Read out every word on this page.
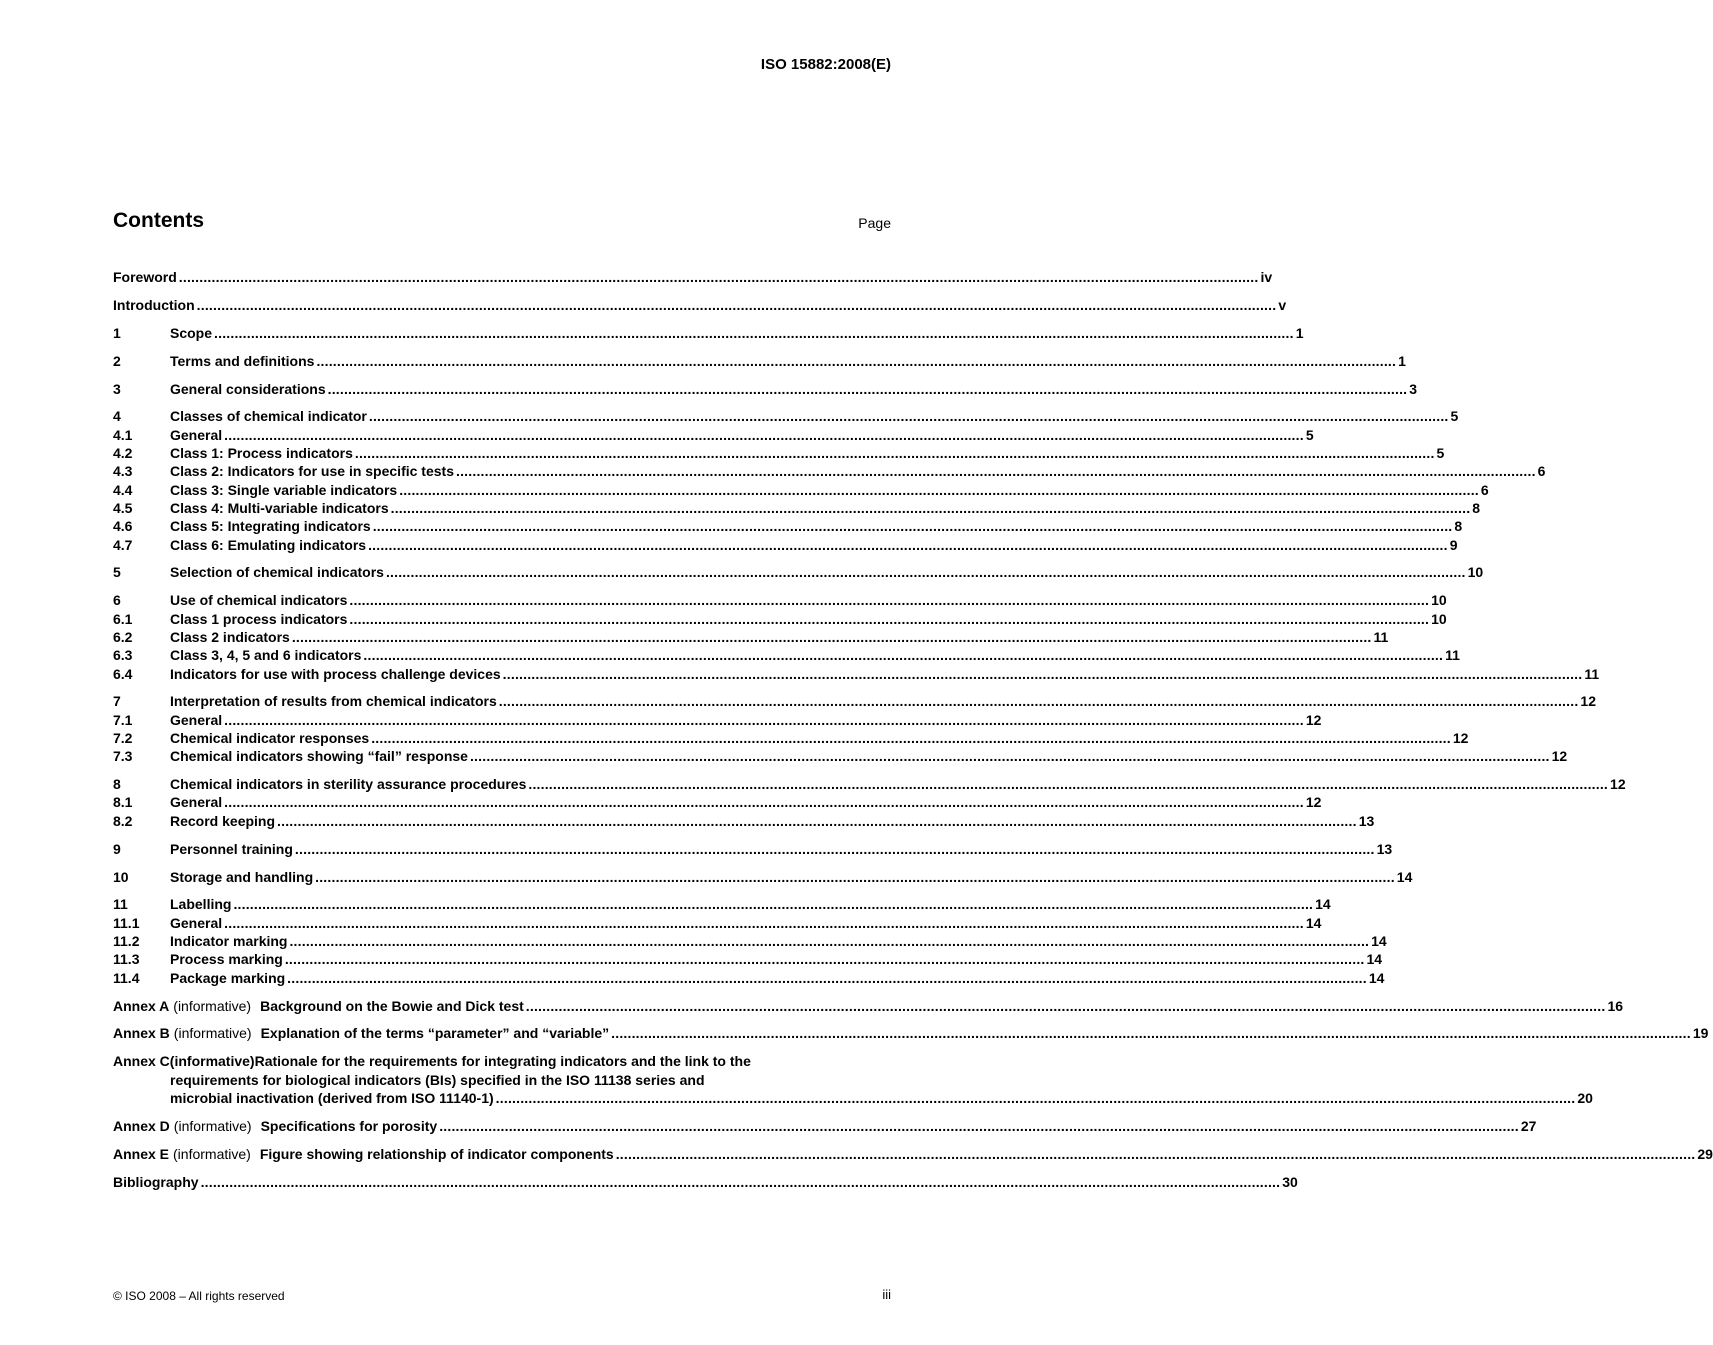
ISO 15882:2008(E)
Contents	Page
Foreword .....	iv
Introduction .....	v
1	Scope .....	1
2	Terms and definitions .....	1
3	General considerations .....	3
4	Classes of chemical indicator .....	5
4.1	General .....	5
4.2	Class 1: Process indicators .....	5
4.3	Class 2: Indicators for use in specific tests .....	6
4.4	Class 3: Single variable indicators .....	6
4.5	Class 4: Multi-variable indicators .....	8
4.6	Class 5: Integrating indicators .....	8
4.7	Class 6: Emulating indicators .....	9
5	Selection of chemical indicators .....	10
6	Use of chemical indicators .....	10
6.1	Class 1 process indicators .....	10
6.2	Class 2 indicators .....	11
6.3	Class 3, 4, 5 and 6 indicators .....	11
6.4	Indicators for use with process challenge devices .....	11
7	Interpretation of results from chemical indicators .....	12
7.1	General .....	12
7.2	Chemical indicator responses .....	12
7.3	Chemical indicators showing “fail” response .....	12
8	Chemical indicators in sterility assurance procedures .....	12
8.1	General .....	12
8.2	Record keeping .....	13
9	Personnel training .....	13
10	Storage and handling .....	14
11	Labelling .....	14
11.1	General .....	14
11.2	Indicator marking .....	14
11.3	Process marking .....	14
11.4	Package marking .....	14
Annex A (informative) Background on the Bowie and Dick test .....	16
Annex B (informative) Explanation of the terms “parameter” and “variable” .....	19
Annex C (informative) Rationale for the requirements for integrating indicators and the link to the
requirements for biological indicators (BIs) specified in the ISO 11138 series and
microbial inactivation (derived from ISO 11140-1) .....	20
Annex D (informative) Specifications for porosity .....	27
Annex E (informative) Figure showing relationship of indicator components .....	29
Bibliography .....	30
© ISO 2008 – All rights reserved	iii
